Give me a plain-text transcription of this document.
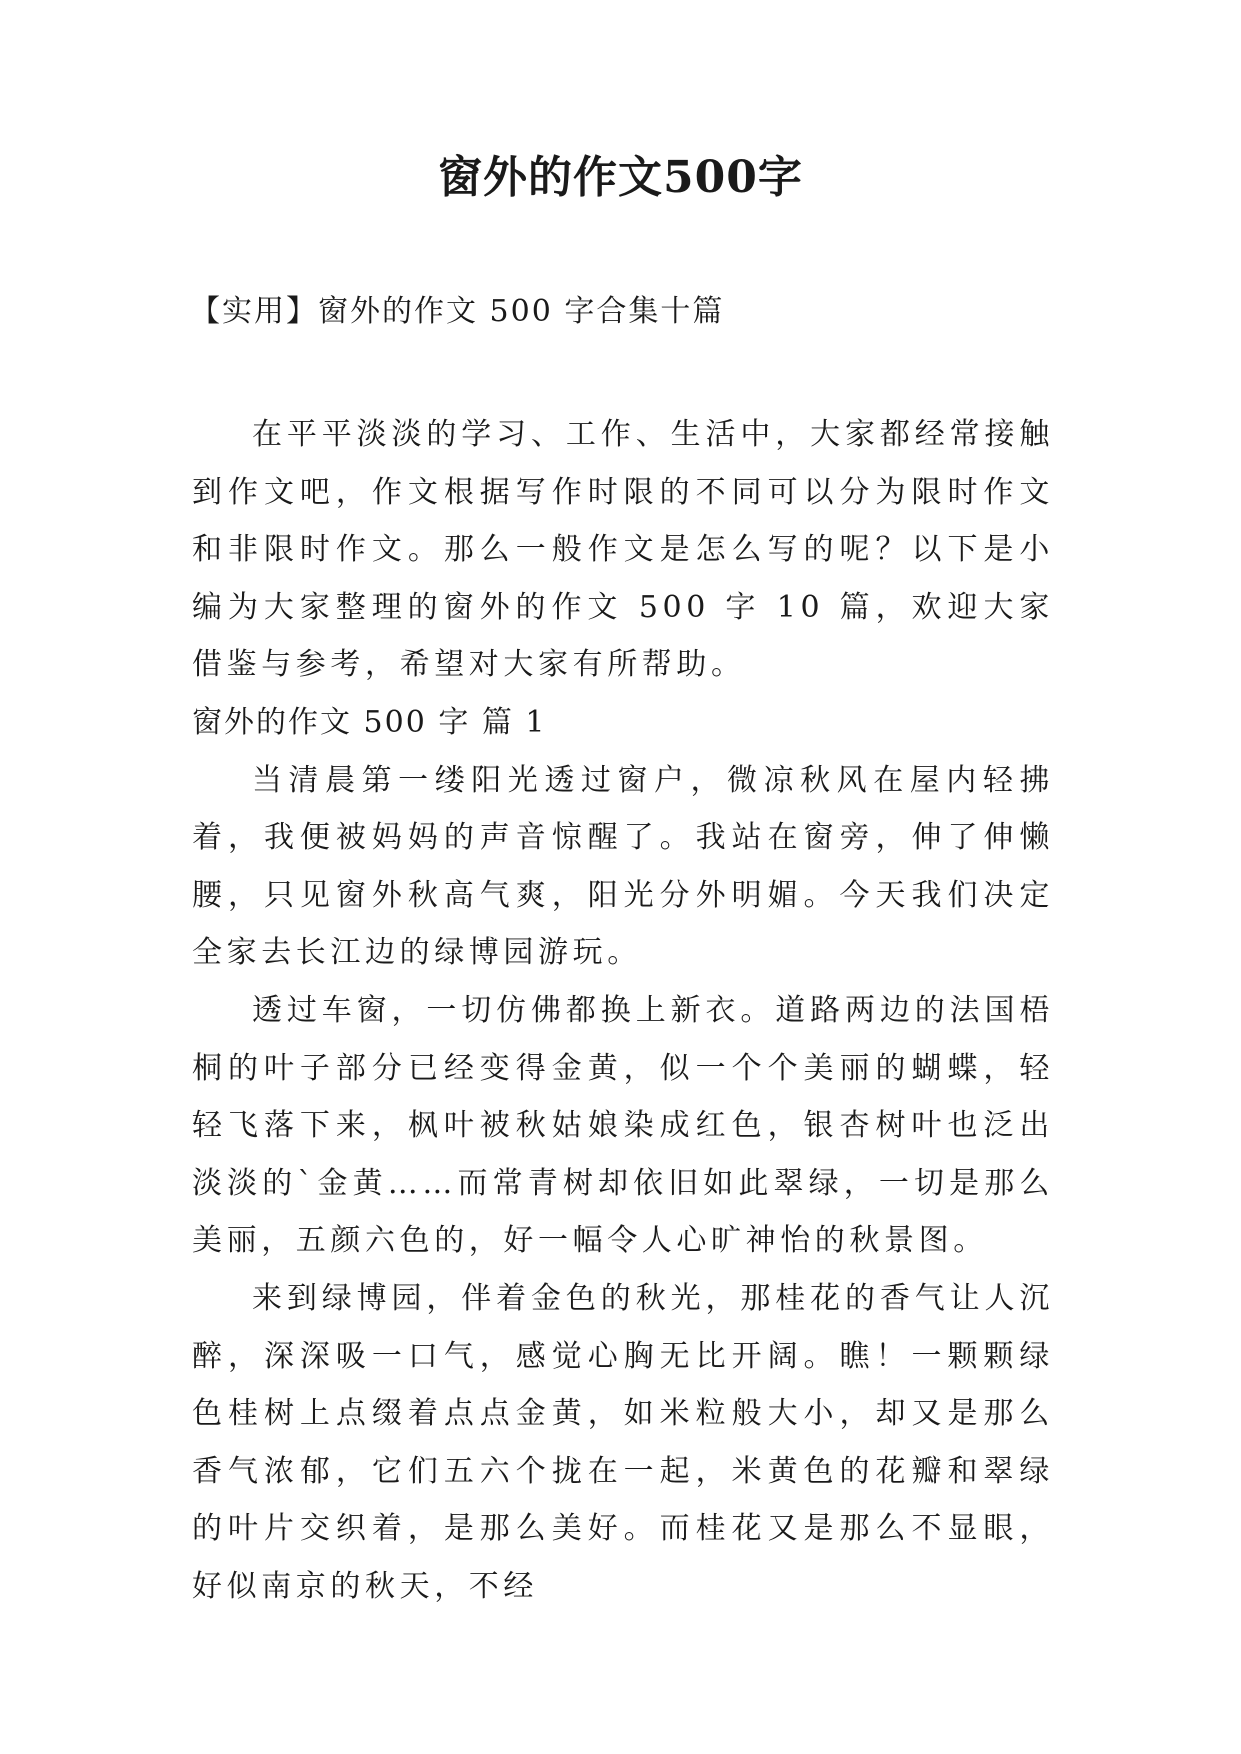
窗外的作文500字
【实用】窗外的作文 500 字合集十篇

在平平淡淡的学习、工作、生活中，大家都经常接触到作文吧，作文根据写作时限的不同可以分为限时作文和非限时作文。那么一般作文是怎么写的呢？以下是小编为大家整理的窗外的作文 500 字 10 篇，欢迎大家借鉴与参考，希望对大家有所帮助。

窗外的作文 500 字 篇 1

当清晨第一缕阳光透过窗户，微凉秋风在屋内轻拂着，我便被妈妈的声音惊醒了。我站在窗旁，伸了伸懒腰，只见窗外秋高气爽，阳光分外明媚。今天我们决定全家去长江边的绿博园游玩。

透过车窗，一切仿佛都换上新衣。道路两边的法国梧桐的叶子部分已经变得金黄，似一个个美丽的蝴蝶，轻轻飞落下来，枫叶被秋姑娘染成红色，银杏树叶也泛出淡淡的`金黄……而常青树却依旧如此翠绿，一切是那么美丽，五颜六色的，好一幅令人心旷神怡的秋景图。

来到绿博园，伴着金色的秋光，那桂花的香气让人沉醉，深深吸一口气，感觉心胸无比开阔。瞧！一颗颗绿色桂树上点缀着点点金黄，如米粒般大小，却又是那么香气浓郁，它们五六个拢在一起，米黄色的花瓣和翠绿的叶片交织着，是那么美好。而桂花又是那么不显眼，好似南京的秋天，不经
